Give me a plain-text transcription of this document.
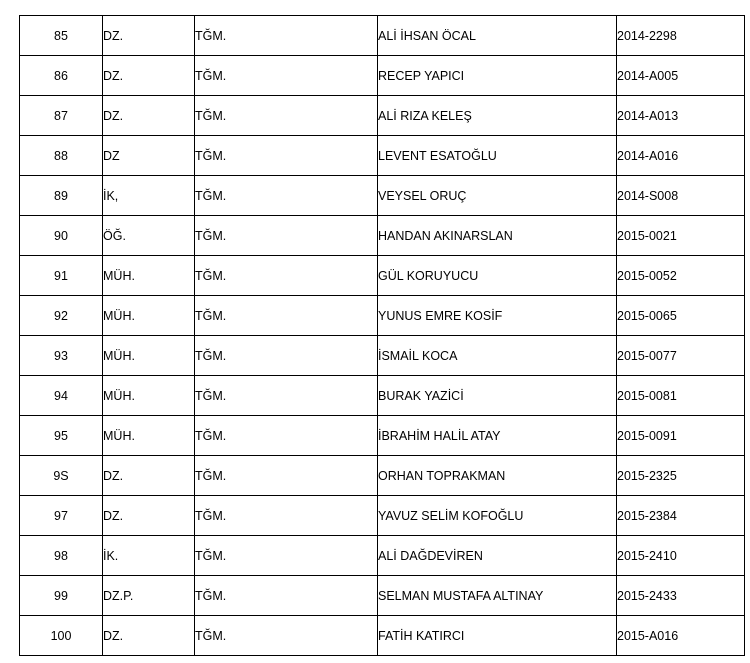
85	DZ.	TĞM.	ALİ İHSAN ÖCAL	2014-2298
86	DZ.	TĞM.	RECEP YAPICI	2014-A005
87	DZ.	TĞM.	ALİ RIZA KELEŞ	2014-A013
88	DZ	TĞM.	LEVENT ESATOĞLU	2014-A016
89	İK,	TĞM.	VEYSEL ORUÇ	2014-S008
90	ÖĞ.	TĞM.	HANDAN AKINARSLAN	2015-0021
91	MÜH.	TĞM.	GÜL KORUYUCU	2015-0052
92	MÜH.	TĞM.	YUNUS EMRE KOSİF	2015-0065
93	MÜH.	TĞM.	İSMAİL KOCA	2015-0077
94	MÜH.	TĞM.	BURAK YAZİCİ	2015-0081
95	MÜH.	TĞM.	İBRAHİM HALİL ATAY	2015-0091
9S	DZ.	TĞM.	ORHAN TOPRAKMAN	2015-2325
97	DZ.	TĞM.	YAVUZ SELİM KOFOĞLU	2015-2384
98	İK.	TĞM.	ALİ DAĞDEVİREN	2015-2410
99	DZ.P.	TĞM.	SELMAN MUSTAFA ALTINAY	2015-2433
100	DZ.	TĞM.	FATİH KATIRCI	2015-A016
